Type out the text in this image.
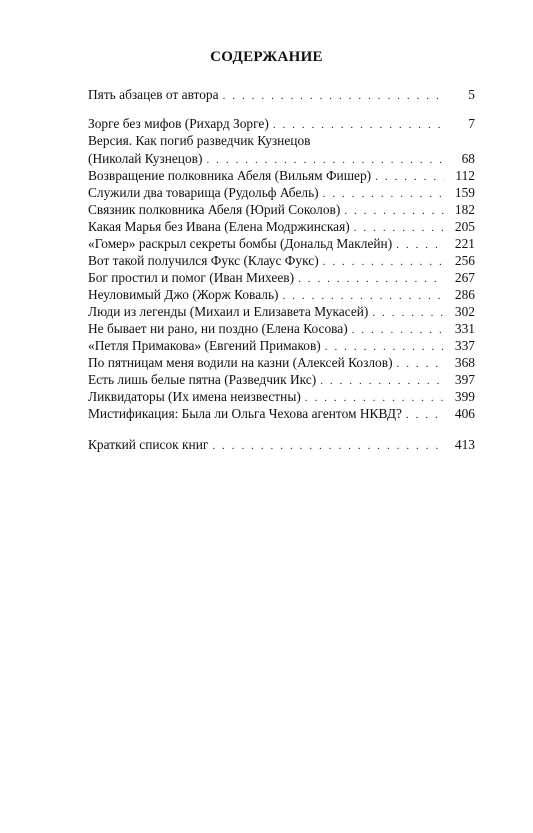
СОДЕРЖАНИЕ
Пять абзацев от автора . . .	5
Зорге без мифов (Рихард Зорге) . . .	7
Версия. Как погиб разведчик Кузнецов
(Николай Кузнецов) . . .	68
Возвращение полковника Абеля (Вильям Фишер) . . .	112
Служили два товарища (Рудольф Абель) . . .	159
Связник полковника Абеля (Юрий Соколов) . . .	182
Какая Марья без Ивана (Елена Модржинская) . . .	205
«Гомер» раскрыл секреты бомбы (Дональд Маклейн) . . .	221
Вот такой получился Фукс (Клаус Фукс) . . .	256
Бог простил и помог (Иван Михеев) . . .	267
Неуловимый Джо (Жорж Коваль) . . .	286
Люди из легенды (Михаил и Елизавета Мукасей) . . .	302
Не бывает ни рано, ни поздно (Елена Косова) . . .	331
«Петля Примакова» (Евгений Примаков) . . .	337
По пятницам меня водили на казни (Алексей Козлов) . . .	368
Есть лишь белые пятна (Разведчик Икс) . . .	397
Ликвидаторы (Их имена неизвестны) . . .	399
Мистификация: Была ли Ольга Чехова агентом НКВД? . . .	406
Краткий список книг . . .	413
